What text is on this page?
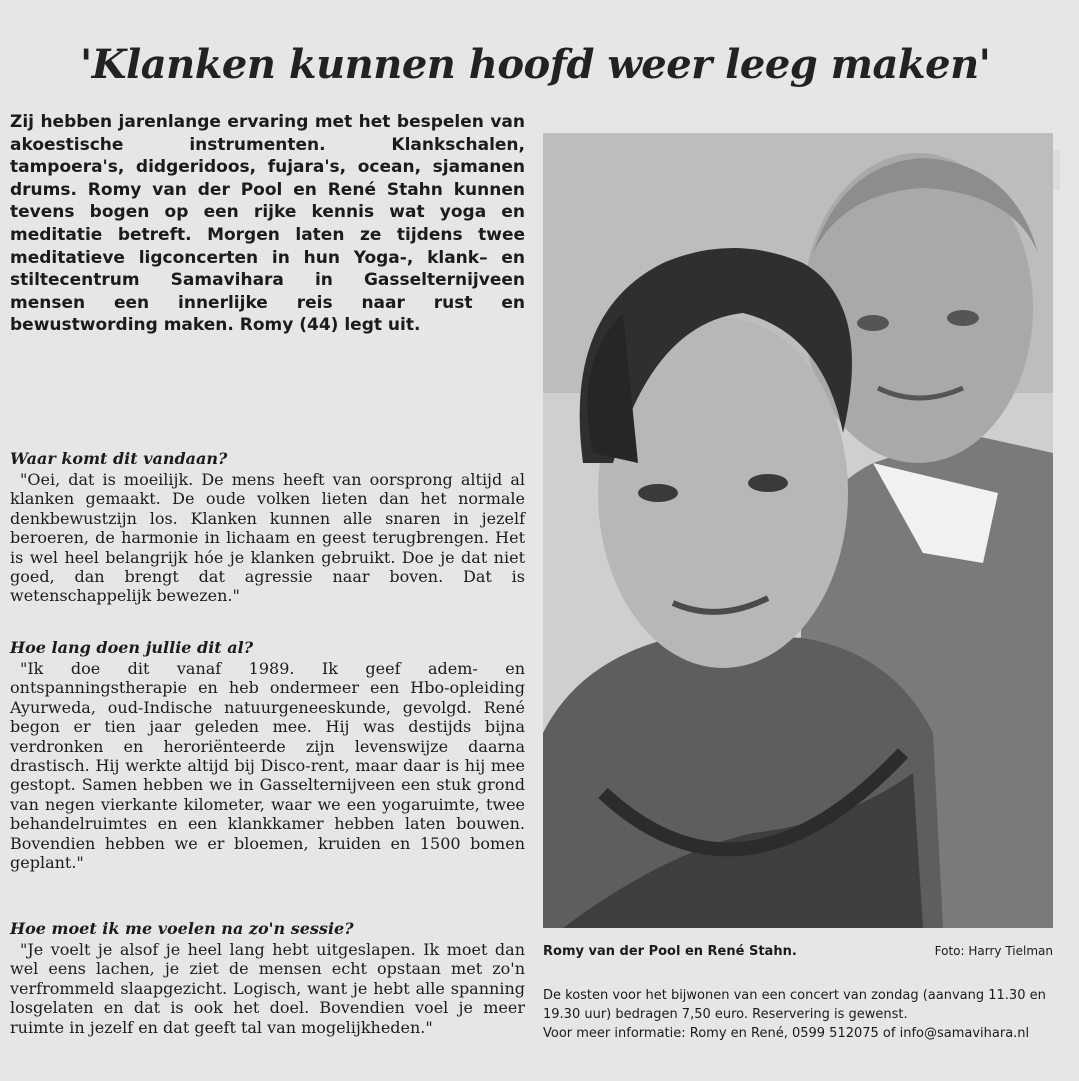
'Klanken kunnen hoofd weer leeg maken'

Zij hebben jarenlange ervaring met het bespelen van akoestische instrumenten. Klankschalen, tampoera's, didgeridoos, fujara's, ocean, sjamanen drums. Romy van der Pool en René Stahn kunnen tevens bogen op een rijke kennis wat yoga en meditatie betreft. Morgen laten ze tijdens twee meditatieve ligconcerten in hun Yoga-, klank– en stiltecentrum Samavihara in Gasselternijveen mensen een innerlijke reis naar rust en bewustwording maken. Romy (44) legt uit.

Waar komt dit vandaan?

"Oei, dat is moeilijk. De mens heeft van oorsprong altijd al klanken gemaakt. De oude volken lieten dan het normale denkbewustzijn los. Klanken kunnen alle snaren in jezelf beroeren, de harmonie in lichaam en geest terugbrengen. Het is wel heel belangrijk hóe je klanken gebruikt. Doe je dat niet goed, dan brengt dat agressie naar boven. Dat is wetenschappelijk bewezen."

Hoe lang doen jullie dit al?

"Ik doe dit vanaf 1989. Ik geef adem- en ontspanningstherapie en heb ondermeer een Hbo-opleiding Ayurweda, oud-Indische natuurgeneeskunde, gevolgd. René begon er tien jaar geleden mee. Hij was destijds bijna verdronken en heroriënteerde zijn levenswijze daarna drastisch. Hij werkte altijd bij Disco-rent, maar daar is hij mee gestopt. Samen hebben we in Gasselternijveen een stuk grond van negen vierkante kilometer, waar we een yogaruimte, twee behandelruimtes en een klankkamer hebben laten bouwen. Bovendien hebben we er bloemen, kruiden en 1500 bomen geplant."

Hoe moet ik me voelen na zo'n sessie?

"Je voelt je alsof je heel lang hebt uitgeslapen. Ik moet dan wel eens lachen, je ziet de mensen echt opstaan met zo'n verfrommeld slaapgezicht. Logisch, want je hebt alle spanning losgelaten en dat is ook het doel. Bovendien voel je meer ruimte in jezelf en dat geeft tal van mogelijkheden."

Romy van der Pool en René Stahn.	Foto: Harry Tielman

De kosten voor het bijwonen van een concert van zondag (aanvang 11.30 en 19.30 uur) bedragen 7,50 euro. Reservering is gewenst.

Voor meer informatie: Romy en René, 0599 512075 of info@samavihara.nl
